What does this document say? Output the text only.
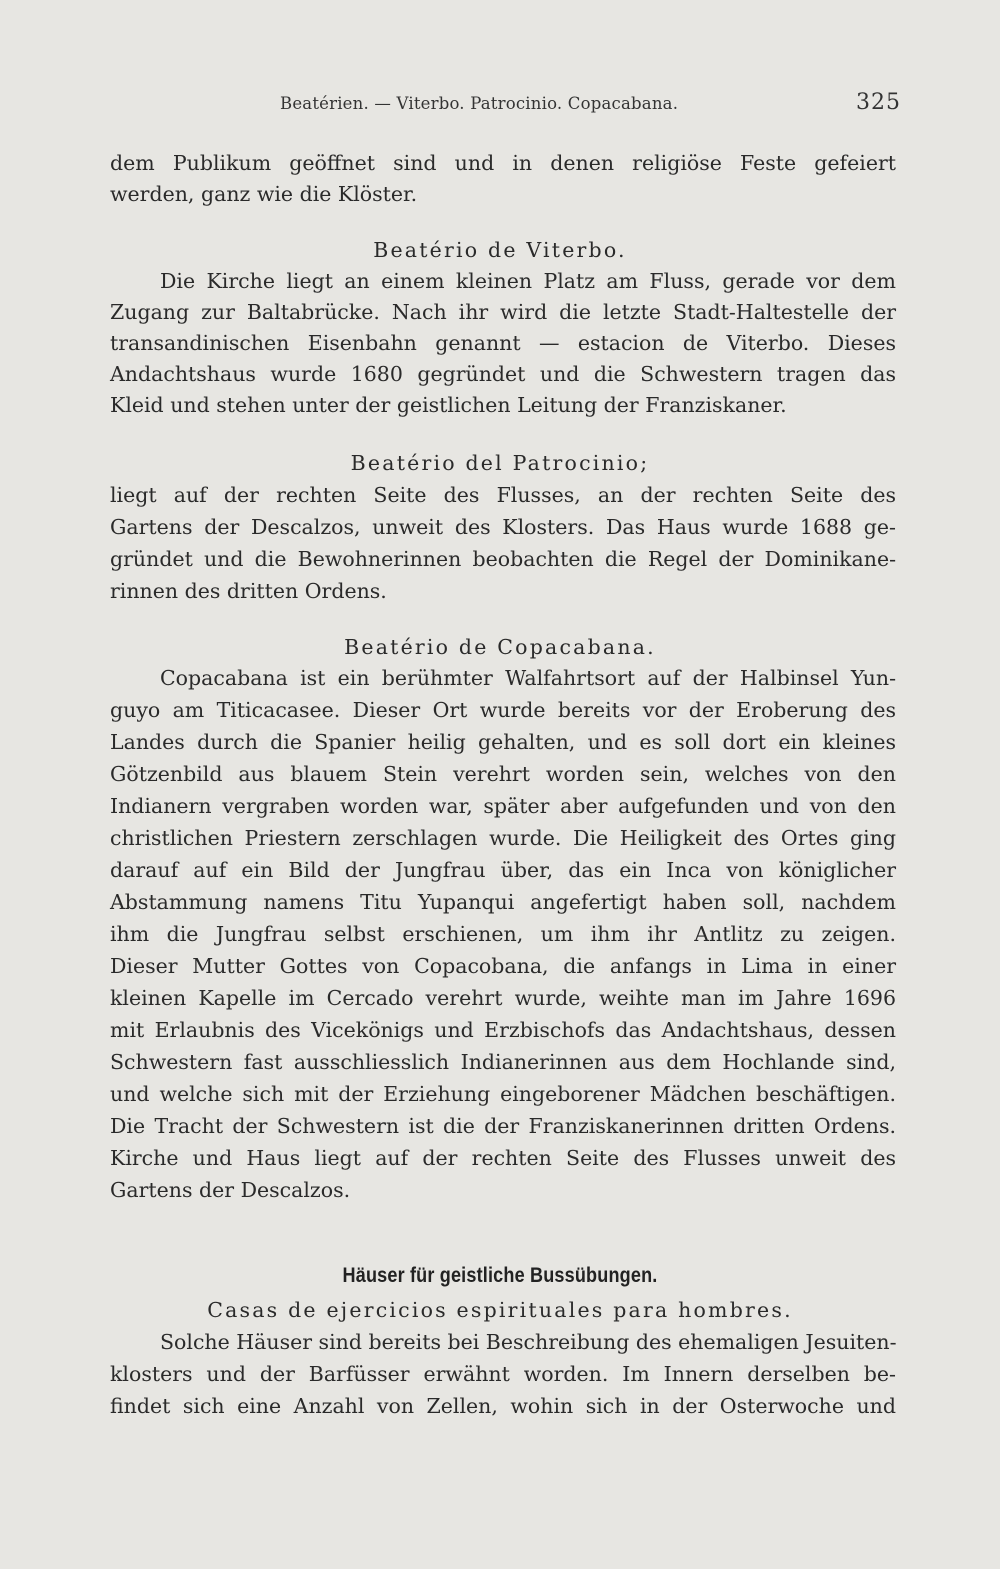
Beatérien. — Viterbo. Patrocinio. Copacabana.	325
dem Publikum geöffnet sind und in denen religiöse Feste gefeiert
werden, ganz wie die Klöster.
Beatério de Viterbo.
Die Kirche liegt an einem kleinen Platz am Fluss, gerade vor dem
Zugang zur Baltabrücke. Nach ihr wird die letzte Stadt-Haltestelle der
transandinischen Eisenbahn genannt — estacion de Viterbo. Dieses
Andachtshaus wurde 1680 gegründet und die Schwestern tragen das
Kleid und stehen unter der geistlichen Leitung der Franziskaner.
Beatério del Patrocinio;
liegt auf der rechten Seite des Flusses, an der rechten Seite des
Gartens der Descalzos, unweit des Klosters. Das Haus wurde 1688 ge-
gründet und die Bewohnerinnen beobachten die Regel der Dominikane-
rinnen des dritten Ordens.
Beatério de Copacabana.
Copacabana ist ein berühmter Walfahrtsort auf der Halbinsel Yun-
guyo am Titicacasee. Dieser Ort wurde bereits vor der Eroberung des
Landes durch die Spanier heilig gehalten, und es soll dort ein kleines
Götzenbild aus blauem Stein verehrt worden sein, welches von den
Indianern vergraben worden war, später aber aufgefunden und von den
christlichen Priestern zerschlagen wurde. Die Heiligkeit des Ortes ging
darauf auf ein Bild der Jungfrau über, das ein Inca von königlicher
Abstammung namens Titu Yupanqui angefertigt haben soll, nachdem
ihm die Jungfrau selbst erschienen, um ihm ihr Antlitz zu zeigen.
Dieser Mutter Gottes von Copacobana, die anfangs in Lima in einer
kleinen Kapelle im Cercado verehrt wurde, weihte man im Jahre 1696
mit Erlaubnis des Vicekönigs und Erzbischofs das Andachtshaus, dessen
Schwestern fast ausschliesslich Indianerinnen aus dem Hochlande sind,
und welche sich mit der Erziehung eingeborener Mädchen beschäftigen.
Die Tracht der Schwestern ist die der Franziskanerinnen dritten Ordens.
Kirche und Haus liegt auf der rechten Seite des Flusses unweit des
Gartens der Descalzos.
Häuser für geistliche Bussübungen.
Casas de ejercicios espirituales para hombres.
Solche Häuser sind bereits bei Beschreibung des ehemaligen Jesuiten-
klosters und der Barfüsser erwähnt worden. Im Innern derselben be-
findet sich eine Anzahl von Zellen, wohin sich in der Osterwoche und
